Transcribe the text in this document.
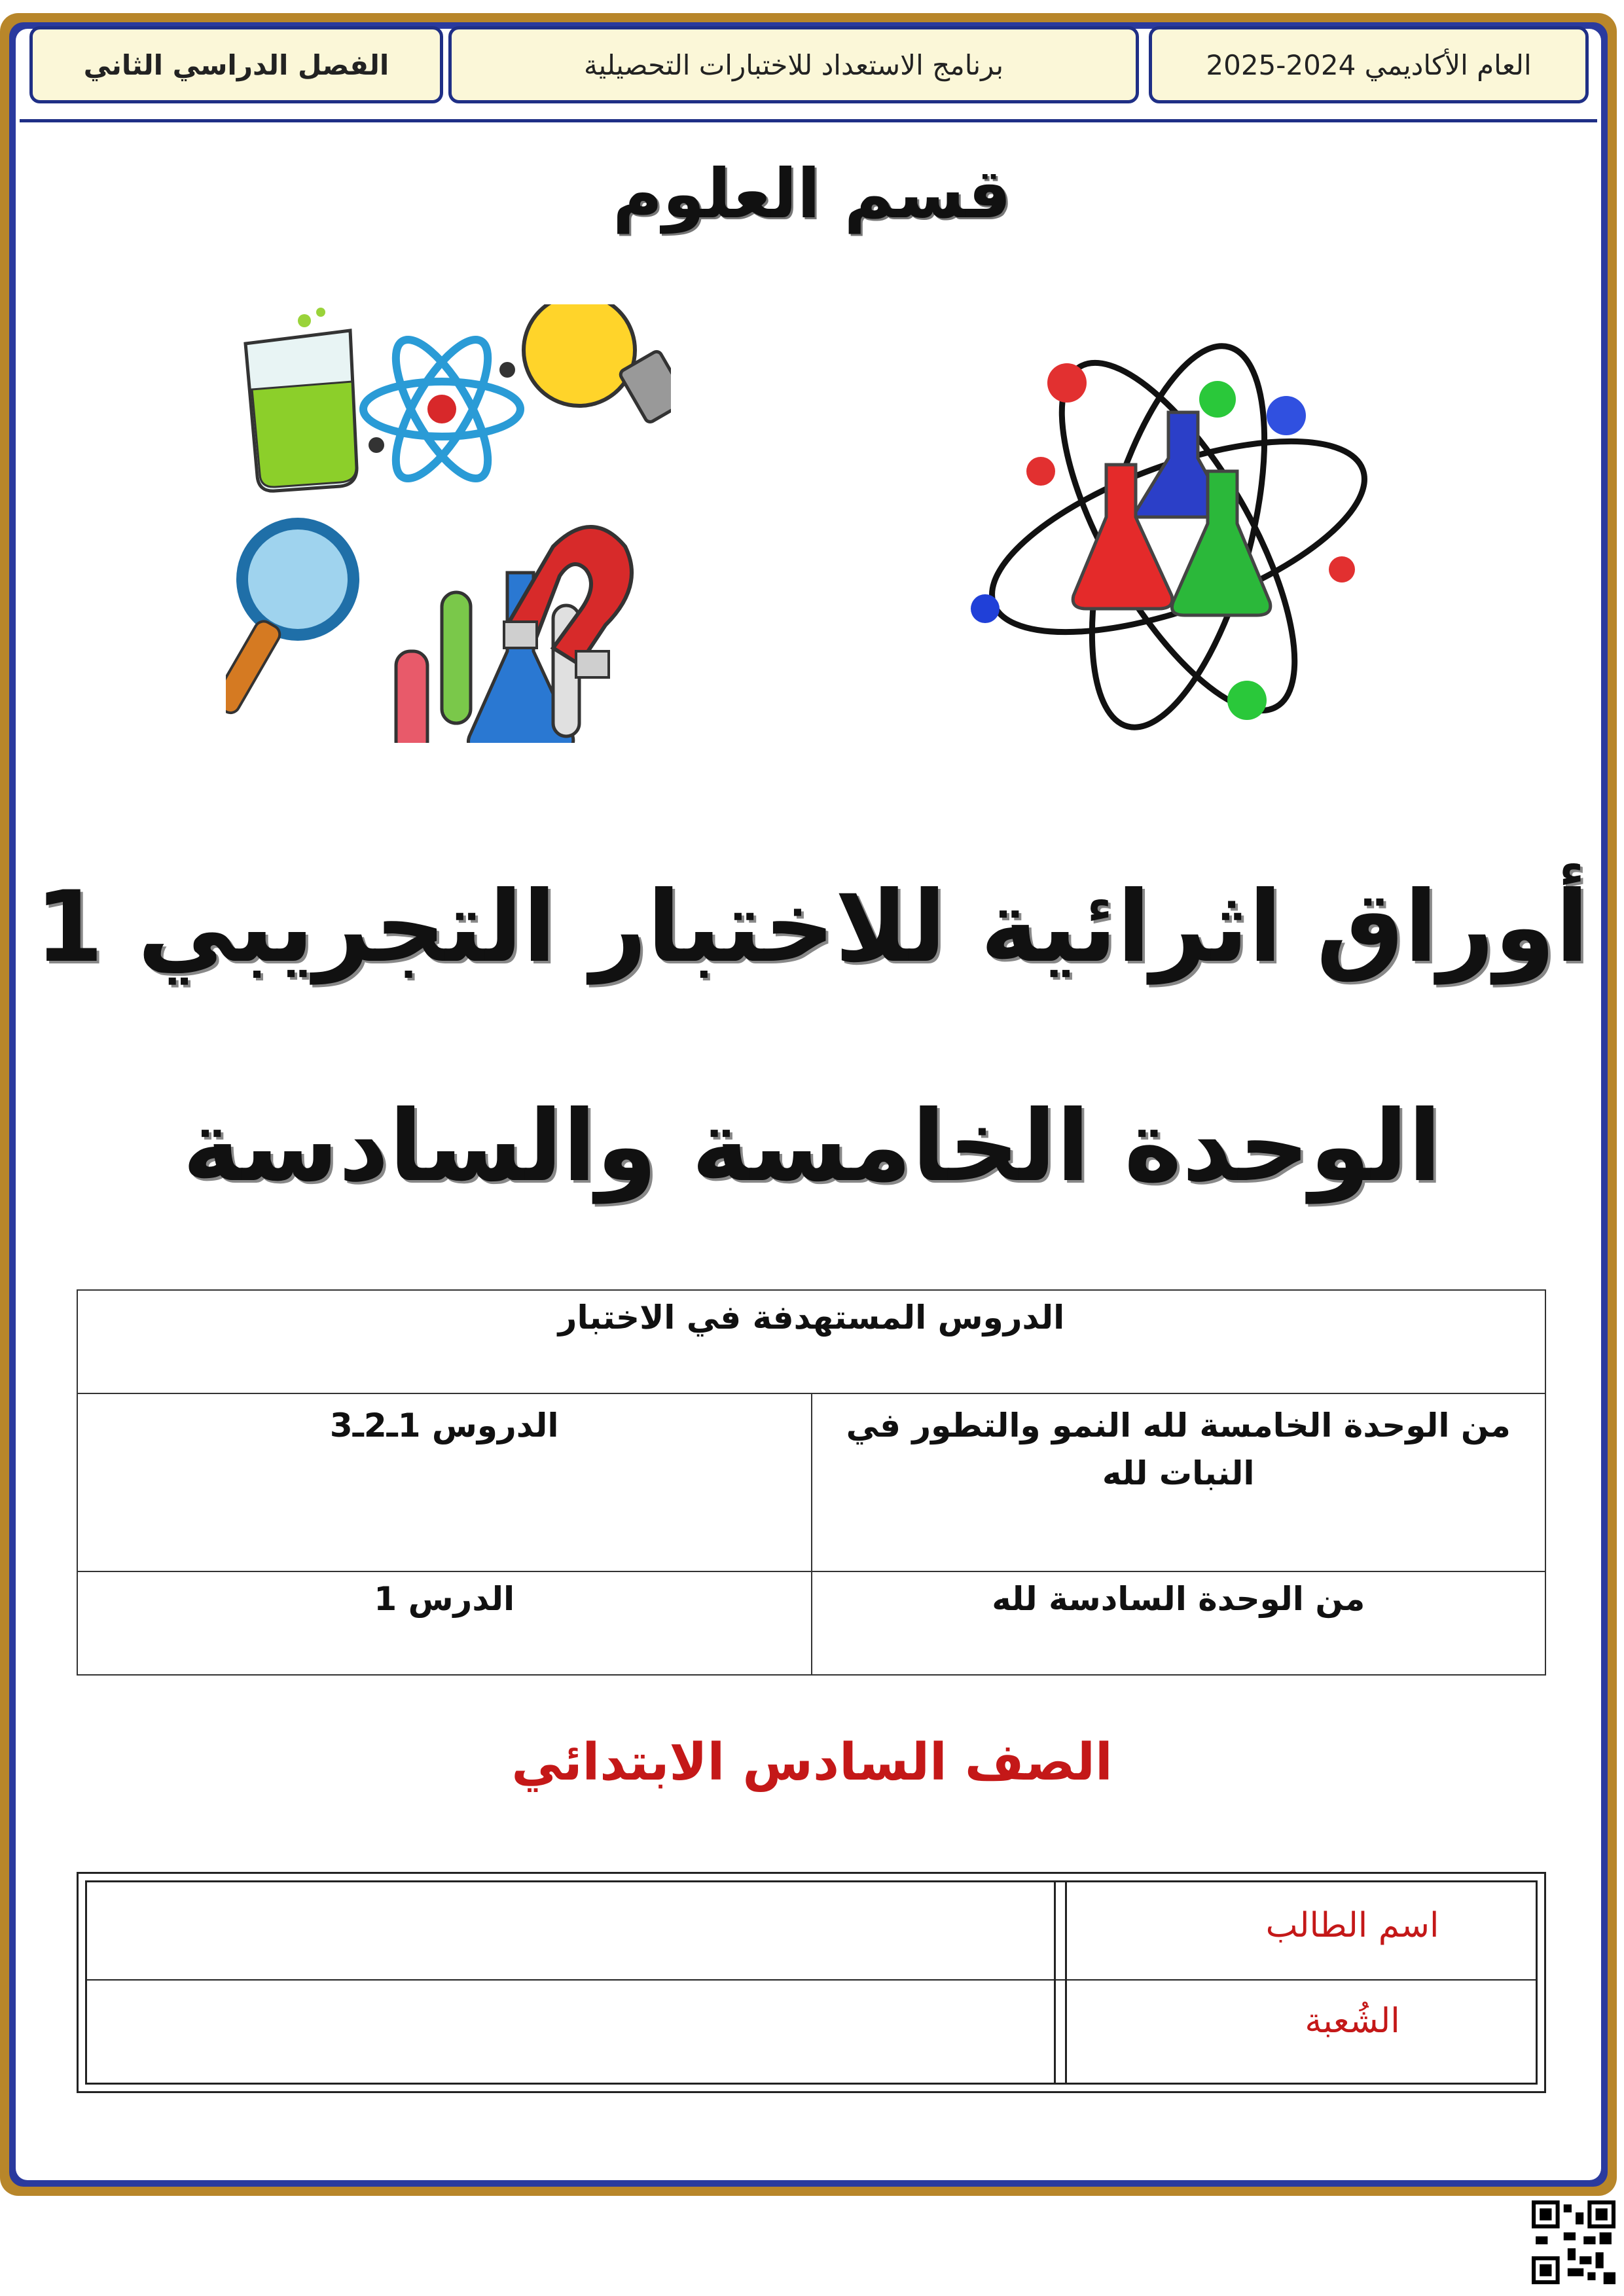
العام الأكاديمي 2024-2025
برنامج الاستعداد للاختبارات التحصيلية
الفصل الدراسي الثاني
قسم العلوم
أوراق اثرائية للاختبار التجريبي 1
الوحدة الخامسة والسادسة
الدروس المستهدفة في الاختبار	
من الوحدة الخامسة لله النمو والتطور في النبات لله	الدروس 1ـ2ـ3
من الوحدة السادسة لله	الدرس 1
الصف السادس الابتدائي
اسم الطالب
الشُعبة
